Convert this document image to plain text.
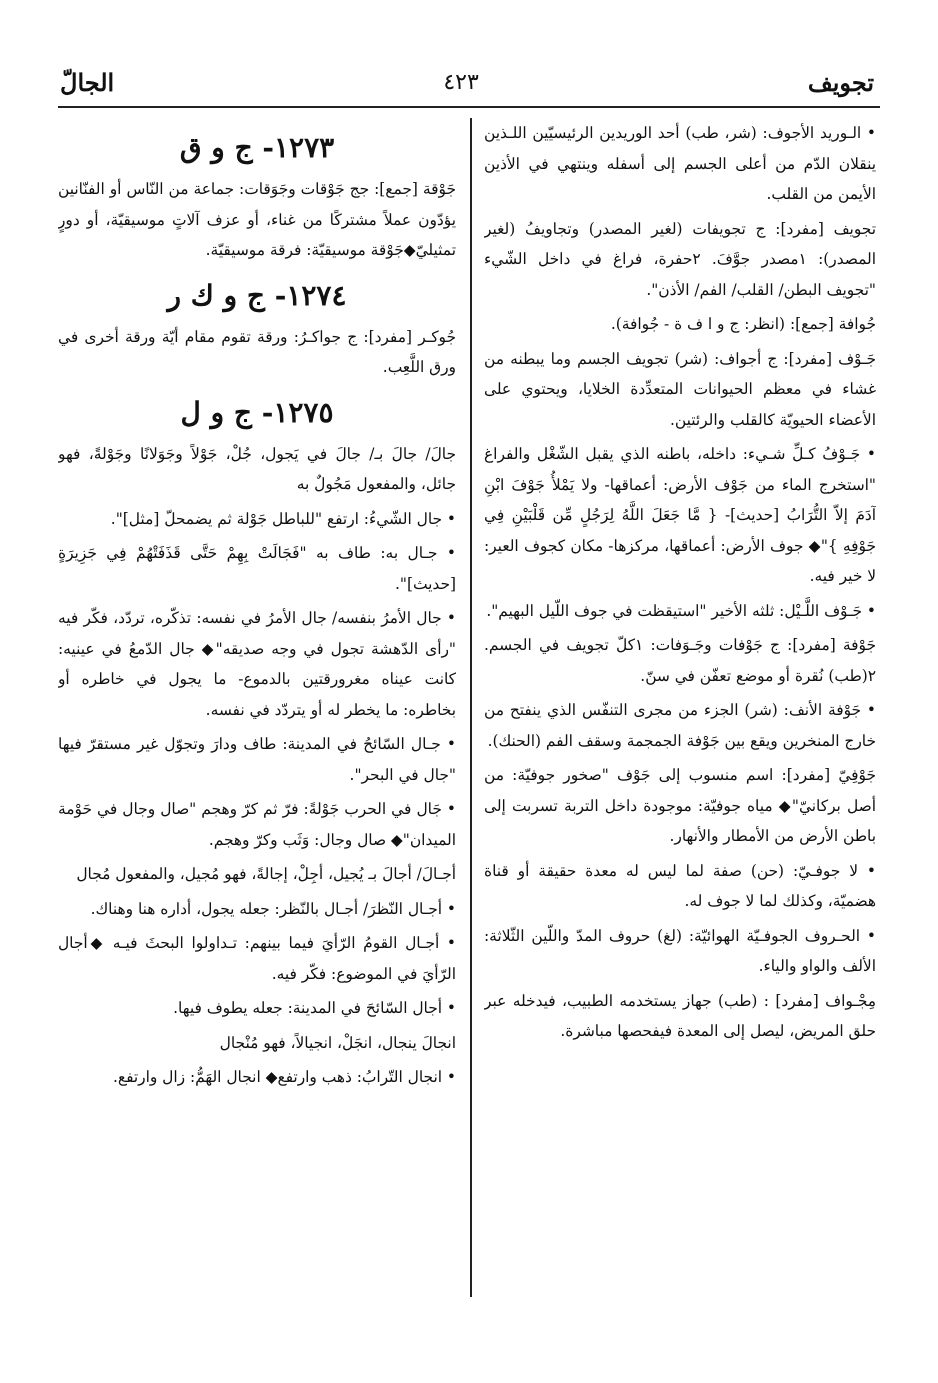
تجويف
٤٢٣
الجالّ

• الـوريد الأجوف: (شر، طب) أحد الوريدين الرئيسيّين اللـذين ينقلان الدّم من أعلى الجسم إلى أسفله وينتهي في الأذين الأيمن من القلب.

تجويف [مفرد]: ج تجويفات (لغير المصدر) وتجاويفُ (لغير المصدر): ١مصدر جوَّفَ. ٢حفرة، فراغ في داخل الشّيء "تجويف البطن/ القلب/ الفم/ الأذن".

جُوافة [جمع]: (انظر: ج و ا ف ة - جُوافة).

جَـوْف [مفرد]: ج أجواف: (شر) تجويف الجسم وما يبطنه من غشاء في معظم الحيوانات المتعدِّدة الخلايا، ويحتوي على الأعضاء الحيويّة كالقلب والرئتين.

• جَـوْفُ كـلِّ شـيء: داخله، باطنه الذي يقبل الشّغْل والفراغ "استخرج الماء من جَوْف الأرض: أعماقها- ولا يَمْلأُ جَوْفَ ابْنِ آدَمَ إلاّ التُّرَابُ [حديث]- { مَّا جَعَلَ اللَّهُ لِرَجُلٍ مِّن قَلْبَيْنِ فِي جَوْفِهِ }"◆ جوف الأرض: أعماقها، مركزها- مكان كجوف العير: لا خير فيه.

• جَـوْف اللَّـيْل: ثلثه الأخير "استيقظت في جوف اللّيل البهيم".

جَوْفة [مفرد]: ج جَوْفات وجَـوَفات: ١كلّ تجويف في الجسم. ٢(طب) نُقرة أو موضع تعفّن في سنّ.

• جَوْفة الأنف: (شر) الجزء من مجرى التنفّس الذي ينفتح من خارج المنخرين ويقع بين جَوْفة الجمجمة وسقف الفم (الحنك).

جَوْفِيّ [مفرد]: اسم منسوب إلى جَوْف "صخور جوفيّة: من أصل بركانيّ"◆ مياه جوفيّة: موجودة داخل التربة تسربت إلى باطن الأرض من الأمطار والأنهار.

• لا جوفـيّ: (حن) صفة لما ليس له معدة حقيقة أو قناة هضميّة، وكذلك لما لا جوف له.

• الحـروف الجوفـيّة الهوائيّة: (لغ) حروف المدّ واللّين الثّلاثة: الألف والواو والياء.

مِجْـواف [مفرد] : (طب) جهاز يستخدمه الطبيب، فيدخله عبر حلق المريض، ليصل إلى المعدة فيفحصها مباشرة.

١٢٧٣- ج و ق

جَوْقة [جمع]: جج جَوْقات وجَوَقات: جماعة من النّاس أو الفنّانين يؤدّون عملاً مشتركًا من غناء، أو عزف آلاتٍ موسيقيّة، أو دورٍ تمثيليّ◆جَوْقة موسيقيّة: فرقة موسيقيّة.

١٢٧٤- ج و ك ر

جُوكـر [مفرد]: ج جواكـرُ: ورقة تقوم مقام أيّة ورقة أخرى في ورق اللَّعِب.

١٢٧٥- ج و ل

جالَ/ جالَ بـ/ جالَ في يَجول، جُلْ، جَوْلاً وجَوَلانًا وجَوْلةً، فهو جائل، والمفعول مَجُولٌ به

• جال الشّيءُ: ارتفع "للباطل جَوْلة ثم يضمحلّ [مثل]".

• جـال به: طاف به "فَجَالَتْ بِهِمْ حَتَّى قَذَفَتْهُمْ فِي جَزِيرَةٍ [حديث]".

• جال الأمرُ بنفسه/ جال الأمرُ في نفسه: تذكّره، تردّد، فكّر فيه "رأى الدّهشة تجول في وجه صديقه"◆ جال الدّمعُ في عينيه: كانت عيناه مغرورقتين بالدموع- ما يجول في خاطره أو بخاطره: ما يخطر له أو يتردّد في نفسه.

• جـال السّائحُ في المدينة: طاف ودارَ وتجوّل غير مستقرّ فيها "جال في البحر".

• جَال في الحرب جَوْلةً: فرّ ثم كرّ وهجم "صال وجال في حَوْمة الميدان"◆ صال وجال: وَثَب وكرّ وهجم.

أجـالَ/ أجالَ بـ يُجيل، أجِلْ، إجالةً، فهو مُجيل، والمفعول مُجال

• أجـال النّظرَ/ أجـال بالنّظر: جعله يجول، أداره هنا وهناك.

• أجـال القومُ الرّأيَ فيما بينهم: تـداولوا البحثَ فيـه ◆أجال الرّأيَ في الموضوع: فكّر فيه.

• أجال السّائحَ في المدينة: جعله يطوف فيها.

انجالَ ينجال، انجَلْ، انجيالاً، فهو مُنْجال

• انجال التّرابُ: ذهب وارتفع◆ انجال الهَمُّ: زال وارتفع.
